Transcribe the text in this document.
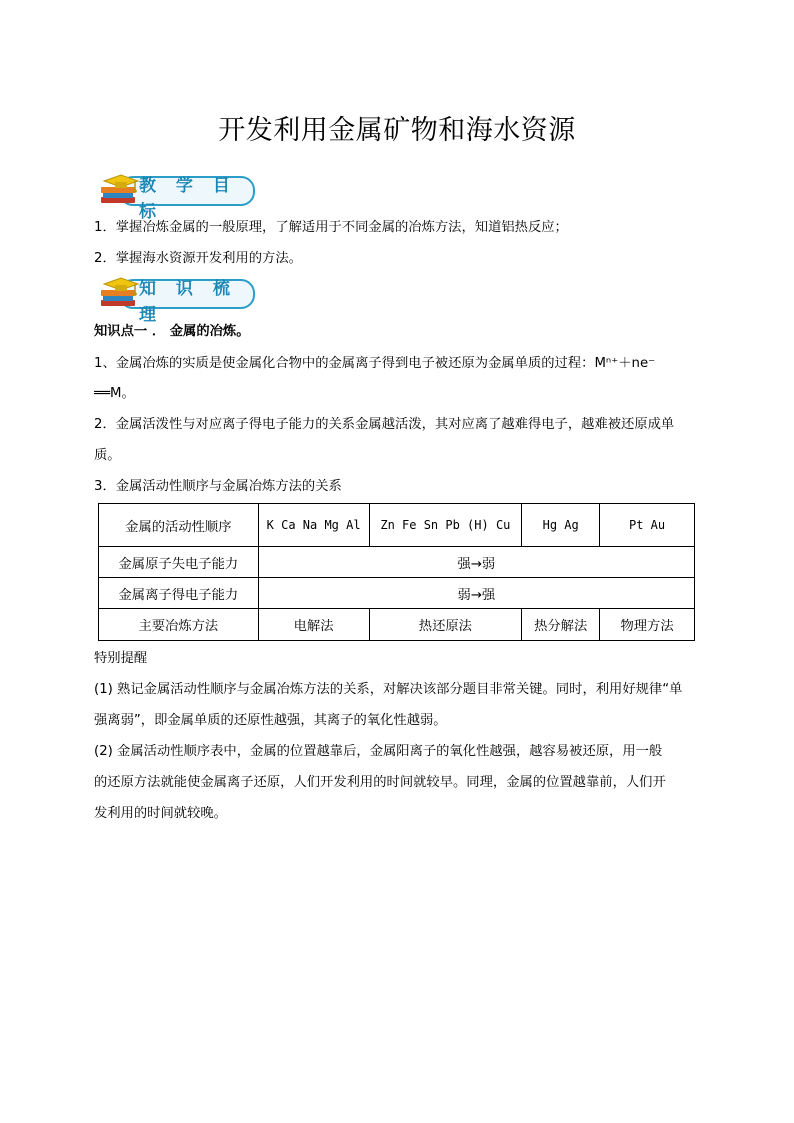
开发利用金属矿物和海水资源
教 学 目 标
1．掌握冶炼金属的一般原理，了解适用于不同金属的冶炼方法，知道铝热反应；
2．掌握海水资源开发利用的方法。
知 识 梳 理
知识点一 ． 金属的冶炼。
1、金属冶炼的实质是使金属化合物中的金属离子得到电子被还原为金属单质的过程：Mⁿ⁺＋ne⁻
══M。
2．金属活泼性与对应离子得电子能力的关系金属越活泼，其对应离了越难得电子，越难被还原成单
质。
3．金属活动性顺序与金属冶炼方法的关系
金属的活动性顺序	K Ca Na Mg Al	Zn Fe Sn Pb (H) Cu	Hg Ag	Pt Au
金属原子失电子能力	强→弱			
金属离子得电子能力	弱→强			
主要冶炼方法	电解法	热还原法	热分解法	物理方法
特别提醒
(1) 熟记金属活动性顺序与金属冶炼方法的关系，对解决该部分题目非常关键。同时，利用好规律“单
强离弱”，即金属单质的还原性越强，其离子的氧化性越弱。
(2) 金属活动性顺序表中，金属的位置越靠后，金属阳离子的氧化性越强，越容易被还原，用一般
的还原方法就能使金属离子还原，人们开发利用的时间就较早。同理，金属的位置越靠前，人们开
发利用的时间就较晚。
